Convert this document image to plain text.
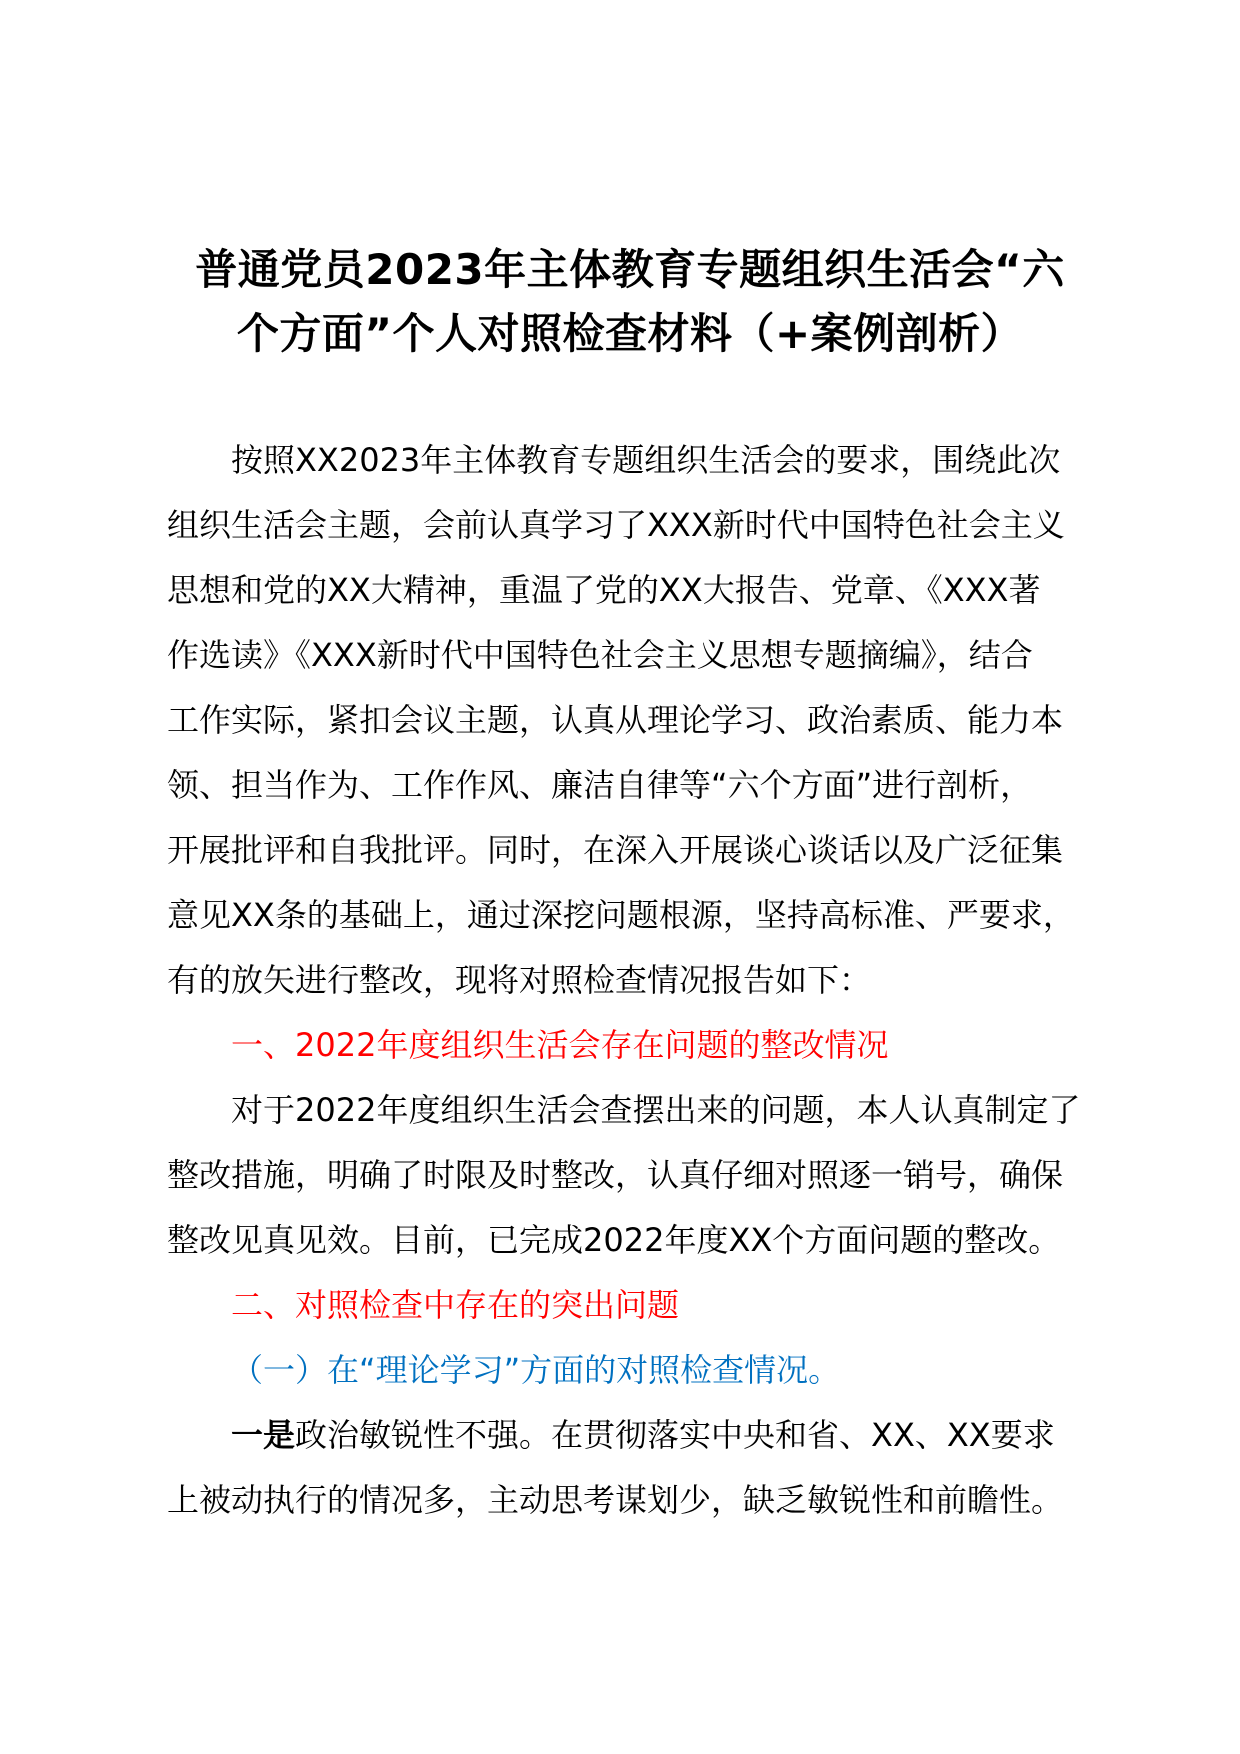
普通党员2023年主体教育专题组织生活会“六
个方面”个人对照检查材料（+案例剖析）
按照XX2023年主体教育专题组织生活会的要求，围绕此次
组织生活会主题，会前认真学习了XXX新时代中国特色社会主义
思想和党的XX大精神，重温了党的XX大报告、党章、《XXX著
作选读》《XXX新时代中国特色社会主义思想专题摘编》，结合
工作实际，紧扣会议主题，认真从理论学习、政治素质、能力本
领、担当作为、工作作风、廉洁自律等“六个方面”进行剖析，
开展批评和自我批评。同时，在深入开展谈心谈话以及广泛征集
意见XX条的基础上，通过深挖问题根源，坚持高标准、严要求，
有的放矢进行整改，现将对照检查情况报告如下：
一、2022年度组织生活会存在问题的整改情况
对于2022年度组织生活会查摆出来的问题，本人认真制定了
整改措施，明确了时限及时整改，认真仔细对照逐一销号，确保
整改见真见效。目前，已完成2022年度XX个方面问题的整改。
二、对照检查中存在的突出问题
（一）在“理论学习”方面的对照检查情况。
一是政治敏锐性不强。在贯彻落实中央和省、XX、XX要求
上被动执行的情况多，主动思考谋划少，缺乏敏锐性和前瞻性。
